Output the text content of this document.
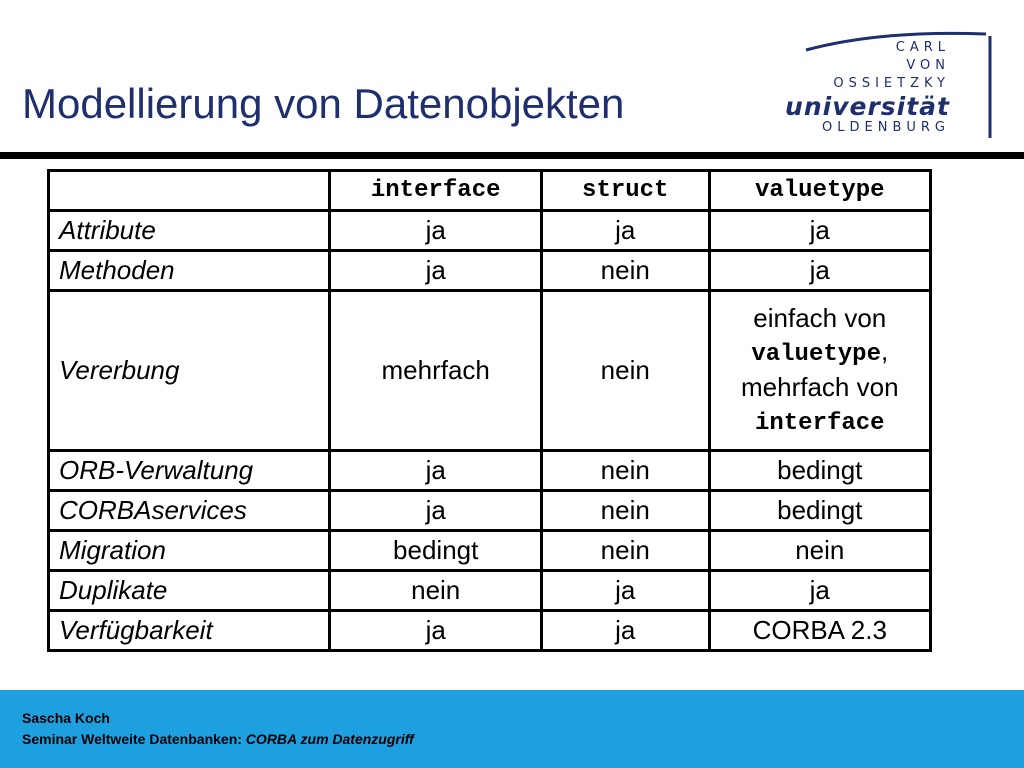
Modellierung von Datenobjekten
CARL
VON
OSSIETZKY
universität
OLDENBURG
	interface	struct	valuetype
Attribute	ja	ja	ja
Methoden	ja	nein	ja
Vererbung	mehrfach	nein	einfach von
valuetype,
mehrfach von
interface

ORB-Verwaltung	ja	nein	bedingt
CORBAservices	ja	nein	bedingt
Migration	bedingt	nein	nein
Duplikate	nein	ja	ja
Verfügbarkeit	ja	ja	CORBA 2.3
Sascha Koch
Seminar Weltweite Datenbanken: CORBA zum Datenzugriff
